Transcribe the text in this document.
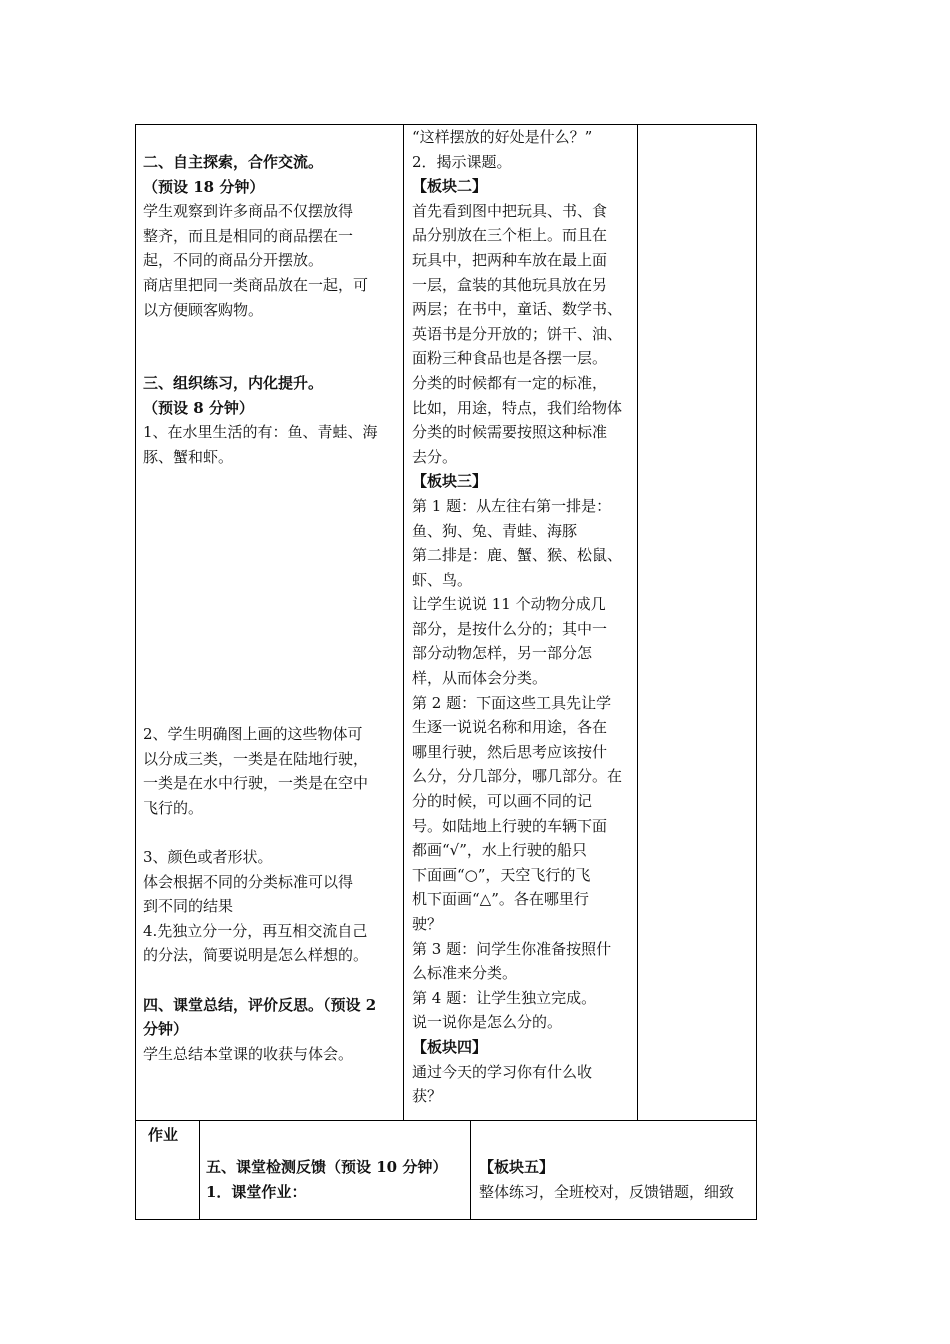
二、自主探索，合作交流。

（预设 18 分钟）

学生观察到许多商品不仅摆放得

整齐，而且是相同的商品摆在一

起，不同的商品分开摆放。

商店里把同一类商品放在一起，可

以方便顾客购物。

三、组织练习，内化提升。

（预设 8 分钟）

1、在水里生活的有：鱼、青蛙、海

豚、蟹和虾。

2、学生明确图上画的这些物体可

以分成三类，一类是在陆地行驶，

一类是在水中行驶，一类是在空中

飞行的。

3、颜色或者形状。

体会根据不同的分类标准可以得

到不同的结果

4.先独立分一分，再互相交流自己

的分法，简要说明是怎么样想的。

四、课堂总结，评价反思。（预设 2

分钟）

学生总结本堂课的收获与体会。

“这样摆放的好处是什么？”

2．揭示课题。

【板块二】

首先看到图中把玩具、书、食

品分别放在三个柜上。而且在

玩具中，把两种车放在最上面

一层，盒装的其他玩具放在另

两层；在书中，童话、数学书、

英语书是分开放的；饼干、油、

面粉三种食品也是各摆一层。

分类的时候都有一定的标准，

比如，用途，特点，我们给物体

分类的时候需要按照这种标准

去分。

【板块三】

第 1 题：从左往右第一排是：

鱼、狗、兔、青蛙、海豚

第二排是：鹿、蟹、猴、松鼠、

虾、鸟。

让学生说说 11 个动物分成几

部分，是按什么分的；其中一

部分动物怎样，另一部分怎

样，从而体会分类。

第 2 题：下面这些工具先让学

生逐一说说名称和用途，各在

哪里行驶，然后思考应该按什

么分，分几部分，哪几部分。在

分的时候，可以画不同的记

号。如陆地上行驶的车辆下面

都画“√”，水上行驶的船只

下面画“○”，天空飞行的飞

机下面画“△”。各在哪里行

驶？

第 3 题：问学生你准备按照什

么标准来分类。

第 4 题：让学生独立完成。

说一说你是怎么分的。

【板块四】

通过今天的学习你有什么收

获？

作业

五、课堂检测反馈（预设 10 分钟）

1．课堂作业：

【板块五】

整体练习，全班校对，反馈错题，细致
